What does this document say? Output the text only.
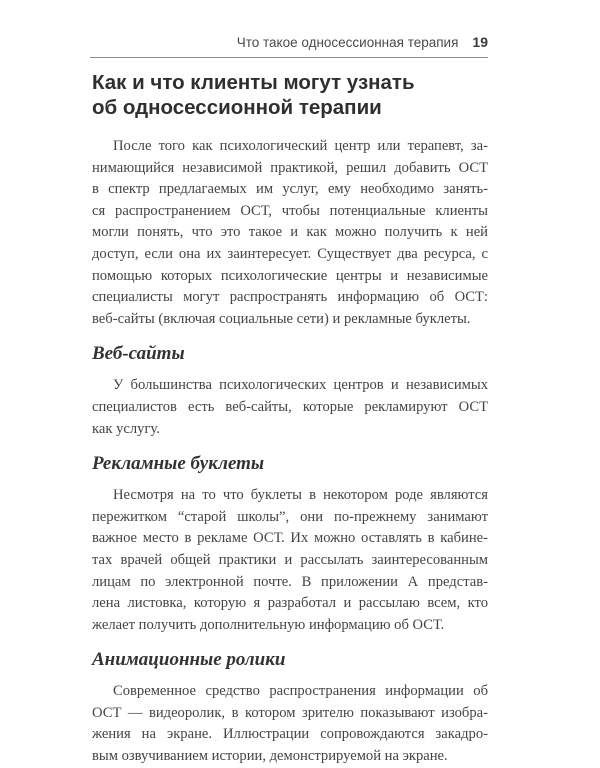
Что такое односессионная терапия 19
Как и что клиенты могут узнать
об односессионной терапии

После того как психологический центр или терапевт, за-
нимающийся независимой практикой, решил добавить ОСТ
в спектр предлагаемых им услуг, ему необходимо занять-
ся распространением ОСТ, чтобы потенциальные клиенты
могли понять, что это такое и как можно получить к ней
доступ, если она их заинтересует. Существует два ресурса, с
помощью которых психологические центры и независимые
специалисты могут распространять информацию об ОСТ:
веб-сайты (включая социальные сети) и рекламные буклеты.

Веб-сайты

У большинства психологических центров и независимых
специалистов есть веб-сайты, которые рекламируют ОСТ
как услугу.

Рекламные буклеты

Несмотря на то что буклеты в некотором роде являются
пережитком “старой школы”, они по-прежнему занимают
важное место в рекламе ОСТ. Их можно оставлять в кабине-
тах врачей общей практики и рассылать заинтересованным
лицам по электронной почте. В приложении А представ-
лена листовка, которую я разработал и рассылаю всем, кто
желает получить дополнительную информацию об ОСТ.

Анимационные ролики

Современное средство распространения информации об
ОСТ — видеоролик, в котором зрителю показывают изобра-
жения на экране. Иллюстрации сопровождаются закадро-
вым озвучиванием истории, демонстрируемой на экране.
